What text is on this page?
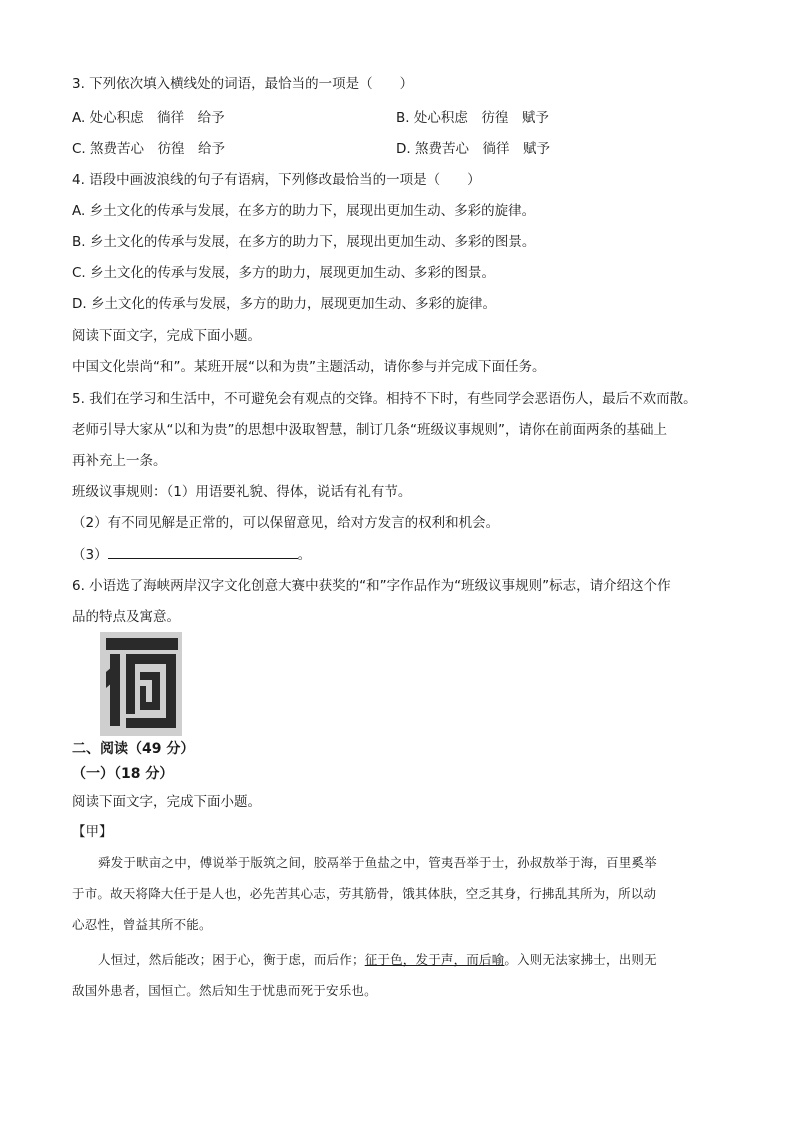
3. 下列依次填入横线处的词语，最恰当的一项是（　　）
A. 处心积虑　徜徉　给予	B. 处心积虑　彷徨　赋予
C. 煞费苦心　彷徨　给予	D. 煞费苦心　徜徉　赋予
4. 语段中画波浪线的句子有语病，下列修改最恰当的一项是（　　）
A. 乡土文化的传承与发展，在多方的助力下，展现出更加生动、多彩的旋律。
B. 乡土文化的传承与发展，在多方的助力下，展现出更加生动、多彩的图景。
C. 乡土文化的传承与发展，多方的助力，展现更加生动、多彩的图景。
D. 乡土文化的传承与发展，多方的助力，展现更加生动、多彩的旋律。
阅读下面文字，完成下面小题。
中国文化崇尚“和”。某班开展“以和为贵”主题活动，请你参与并完成下面任务。
5. 我们在学习和生活中，不可避免会有观点的交锋。相持不下时，有些同学会恶语伤人，最后不欢而散。
老师引导大家从“以和为贵”的思想中汲取智慧，制订几条“班级议事规则”，请你在前面两条的基础上
再补充上一条。
班级议事规则：（1）用语要礼貌、得体，说话有礼有节。
（2）有不同见解是正常的，可以保留意见，给对方发言的权利和机会。
（3）	。
6. 小语选了海峡两岸汉字文化创意大赛中获奖的“和”字作品作为“班级议事规则”标志，请介绍这个作
品的特点及寓意。
二、阅读（49 分）
（一）（18 分）
阅读下面文字，完成下面小题。
【甲】
舜发于畎亩之中，傅说举于版筑之间，胶鬲举于鱼盐之中，管夷吾举于士，孙叔敖举于海，百里奚举
于市。故天将降大任于是人也，必先苦其心志，劳其筋骨，饿其体肤，空乏其身，行拂乱其所为，所以动
心忍性，曾益其所不能。
人恒过，然后能改；困于心，衡于虑，而后作；征于色，发于声，而后喻。入则无法家拂士，出则无
敌国外患者，国恒亡。然后知生于忧患而死于安乐也。
